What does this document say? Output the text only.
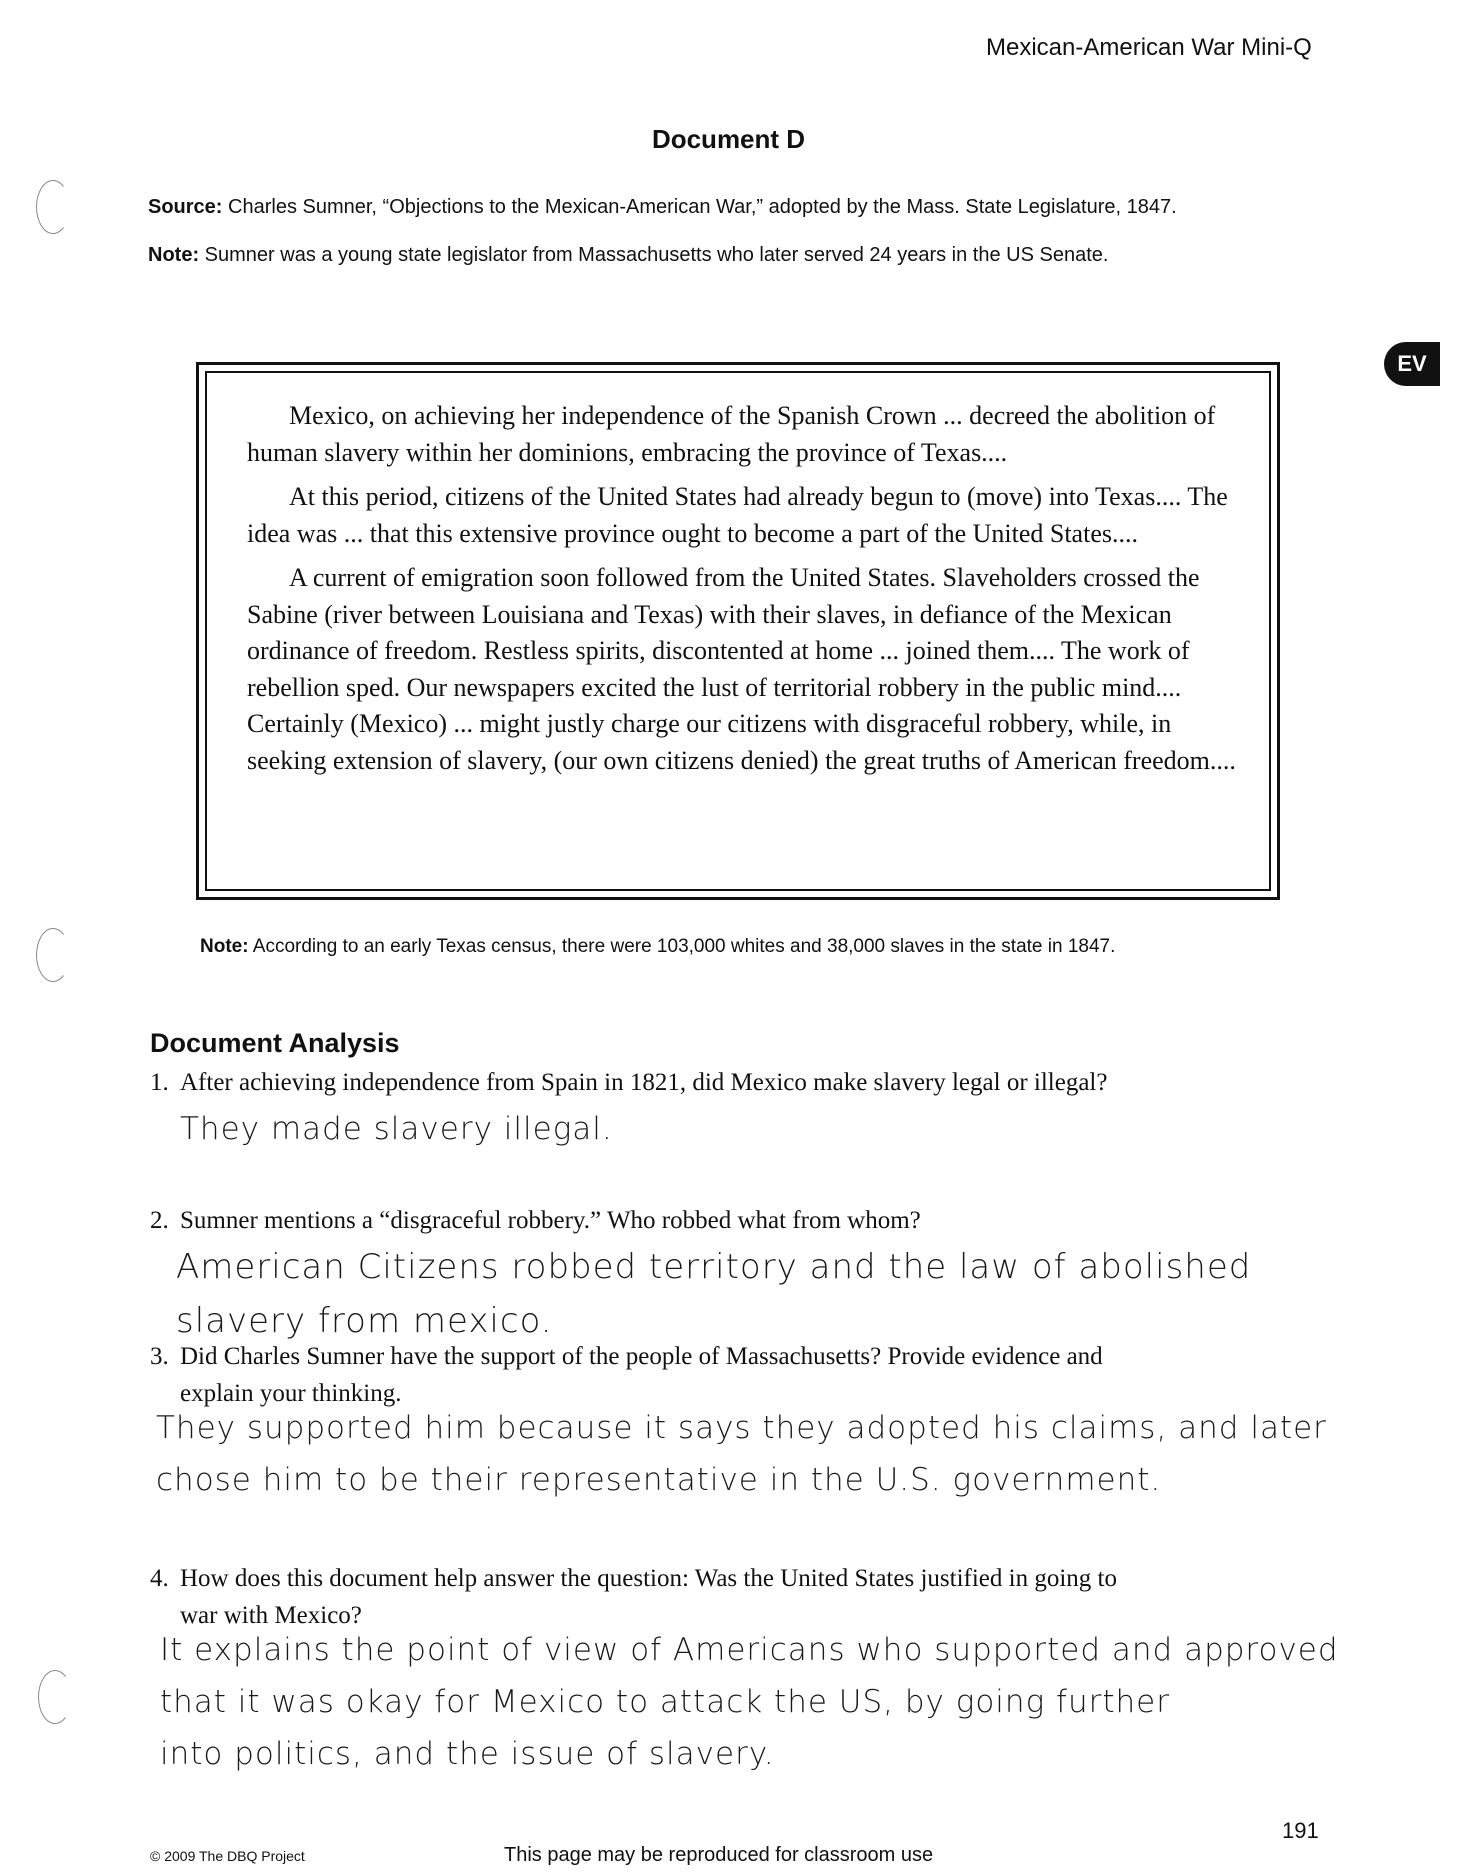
Mexican-American War Mini-Q
Document D
Source: Charles Sumner, “Objections to the Mexican-American War,” adopted by the Mass. State Legislature, 1847.
Note: Sumner was a young state legislator from Massachusetts who later served 24 years in the US Senate.
EV

Mexico, on achieving her independence of the Spanish Crown ... decreed the abolition of human slavery within her dominions, embracing the province of Texas....

At this period, citizens of the United States had already begun to (move) into Texas.... The idea was ... that this extensive province ought to become a part of the United States....

A current of emigration soon followed from the United States. Slaveholders crossed the Sabine (river between Louisiana and Texas) with their slaves, in defiance of the Mexican ordinance of freedom. Restless spirits, discontented at home ... joined them.... The work of rebellion sped. Our newspapers excited the lust of territorial robbery in the public mind.... Certainly (Mexico) ... might justly charge our citizens with disgraceful robbery, while, in seeking extension of slavery, (our own citizens denied) the great truths of American freedom....

Note: According to an early Texas census, there were 103,000 whites and 38,000 slaves in the state in 1847.
Document Analysis
1. After achieving independence from Spain in 1821, did Mexico make slavery legal or illegal?
They made slavery illegal.
2. Sumner mentions a “disgraceful robbery.” Who robbed what from whom?
American Citizens robbed territory and the law of abolished
slavery from mexico.
3. Did Charles Sumner have the support of the people of Massachusetts? Provide evidence and
explain your thinking.
They supported him because it says they adopted his claims, and later
chose him to be their representative in the U.S. government.
4. How does this document help answer the question: Was the United States justified in going to
war with Mexico?
It explains the point of view of Americans who supported and approved
that it was okay for Mexico to attack the US, by going further
into politics, and the issue of slavery.
© 2009 The DBQ Project	This page may be reproduced for classroom use
191
